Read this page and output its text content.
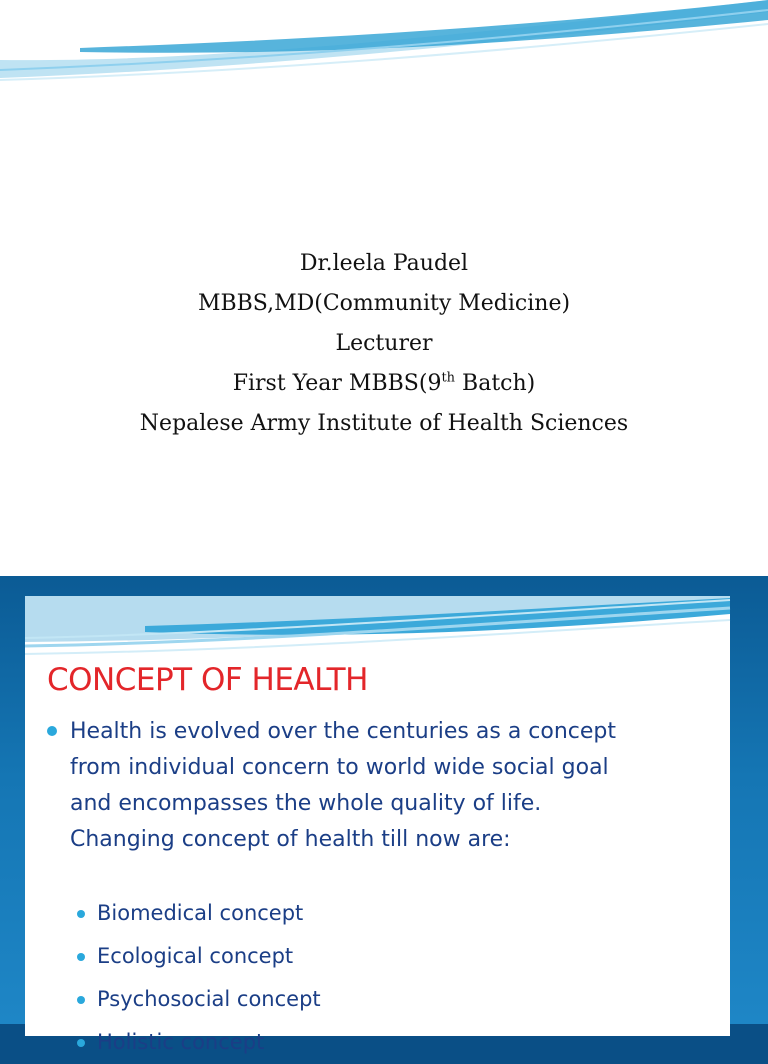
Dr.leela Paudel
MBBS,MD(Community Medicine)
Lecturer
First Year MBBS(9th Batch)
Nepalese Army Institute of Health Sciences
CONCEPT OF HEALTH
Health is evolved over the centuries as a concept
from individual concern to world wide social goal
and encompasses the whole quality of life.
Changing concept of health till now are:
Biomedical concept
Ecological concept
Psychosocial concept
Holistic concept
